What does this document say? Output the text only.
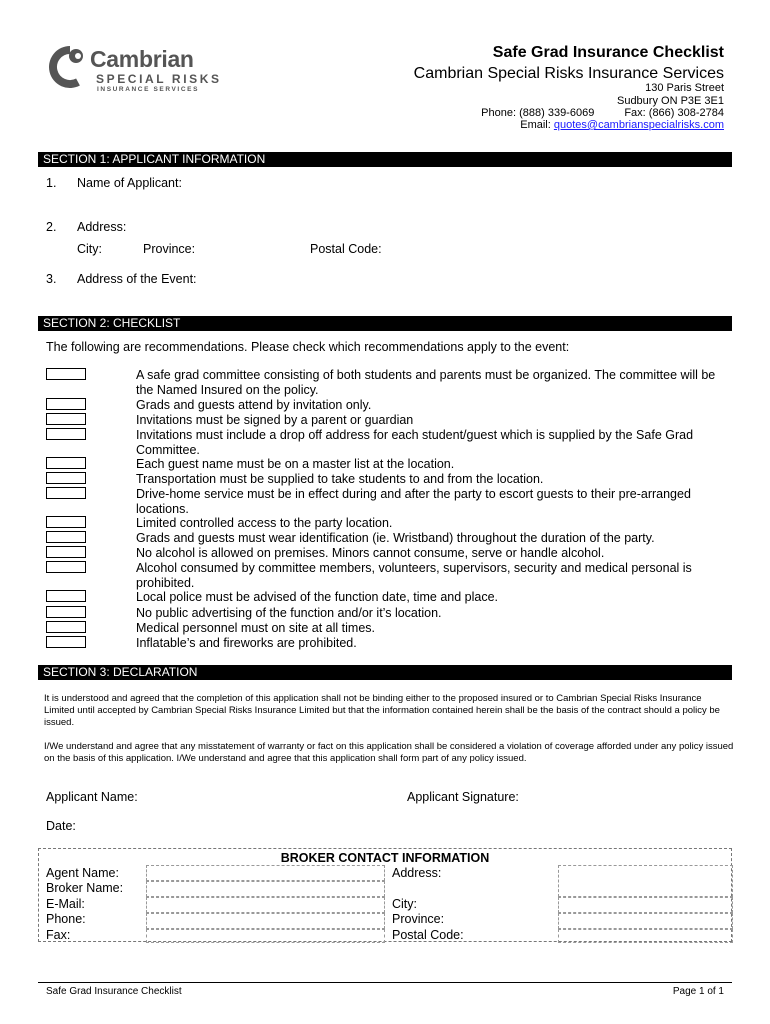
Cambrian
SPECIAL RISKS
INSURANCE SERVICES
Safe Grad Insurance Checklist
Cambrian Special Risks Insurance Services
130 Paris Street
Sudbury ON P3E 3E1
Phone: (888) 339-6069	Fax: (866) 308-2784
Email: quotes@cambrianspecialrisks.com
SECTION 1: APPLICANT INFORMATION
1. Name of Applicant:
2. Address:
City:	Province:	Postal Code:
3. Address of the Event:
SECTION 2: CHECKLIST
The following are recommendations. Please check which recommendations apply to the event:
A safe grad committee consisting of both students and parents must be organized. The committee will be the Named Insured on the policy.
Grads and guests attend by invitation only.
Invitations must be signed by a parent or guardian
Invitations must include a drop off address for each student/guest which is supplied by the Safe Grad Committee.
Each guest name must be on a master list at the location.
Transportation must be supplied to take students to and from the location.
Drive-home service must be in effect during and after the party to escort guests to their pre-arranged locations.
Limited controlled access to the party location.
Grads and guests must wear identification (ie. Wristband) throughout the duration of the party.
No alcohol is allowed on premises. Minors cannot consume, serve or handle alcohol.
Alcohol consumed by committee members, volunteers, supervisors, security and medical personal is prohibited.
Local police must be advised of the function date, time and place.
No public advertising of the function and/or it’s location.
Medical personnel must on site at all times.
Inflatable’s and fireworks are prohibited.
SECTION 3: DECLARATION
It is understood and agreed that the completion of this application shall not be binding either to the proposed insured or to Cambrian Special Risks Insurance Limited until accepted by Cambrian Special Risks Insurance Limited but that the information contained herein shall be the basis of the contract should a policy be issued.
I/We understand and agree that any misstatement of warranty or fact on this application shall be considered a violation of coverage afforded under any policy issued on the basis of this application. I/We understand and agree that this application shall form part of any policy issued.
Applicant Name:	Applicant Signature:
Date:
BROKER CONTACT INFORMATION
Agent Name:
Broker Name:
E-Mail:
Phone:
Fax:
Address:
City:
Province:
Postal Code:
Safe Grad Insurance Checklist	Page 1 of 1
